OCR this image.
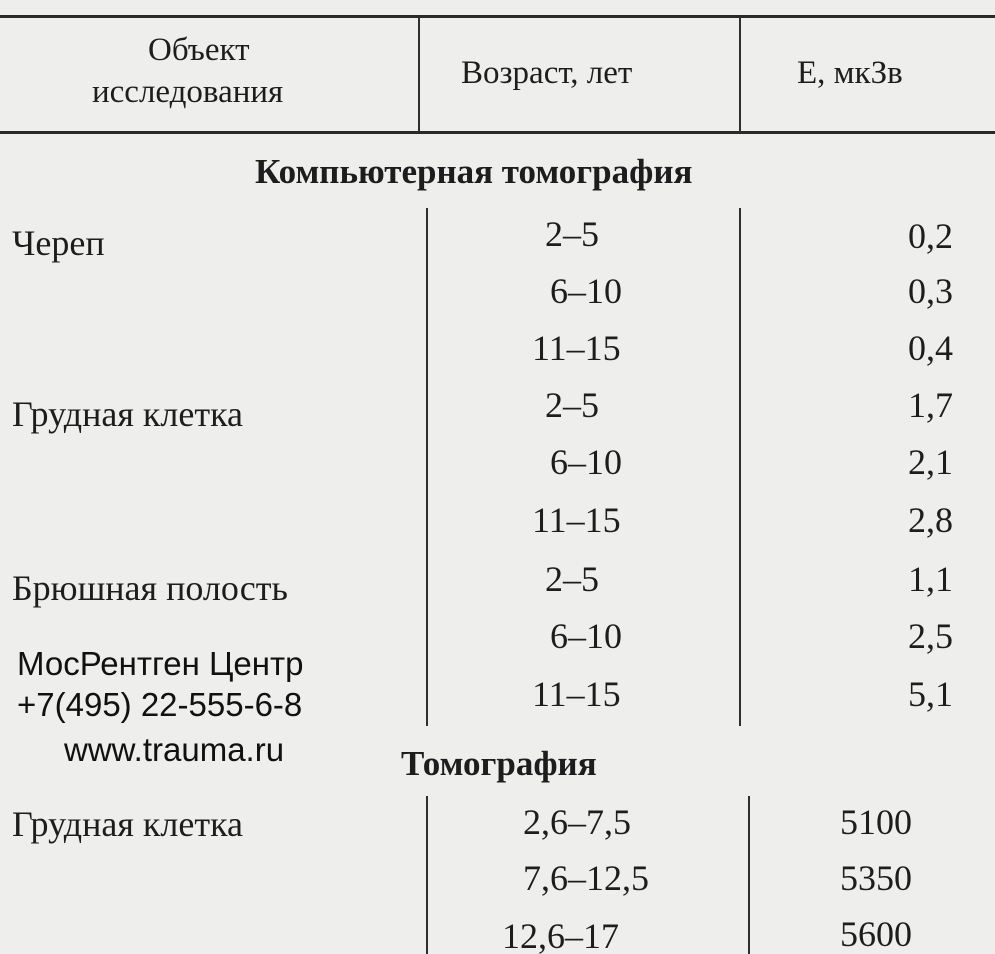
Объект
исследования
Возраст, лет	E, мкЗв
Компьютерная томография
Череп	2–5	0,2
6–10	0,3
11–15	0,4
Грудная клетка	2–5	1,7
6–10	2,1
11–15	2,8
Брюшная полость	2–5	1,1
6–10	2,5
11–15	5,1
Томография
Грудная клетка	2,6–7,5	5100
7,6–12,5	5350
12,6–17	5600
МосРентген Центр
+7(495) 22-555-6-8
www.trauma.ru
